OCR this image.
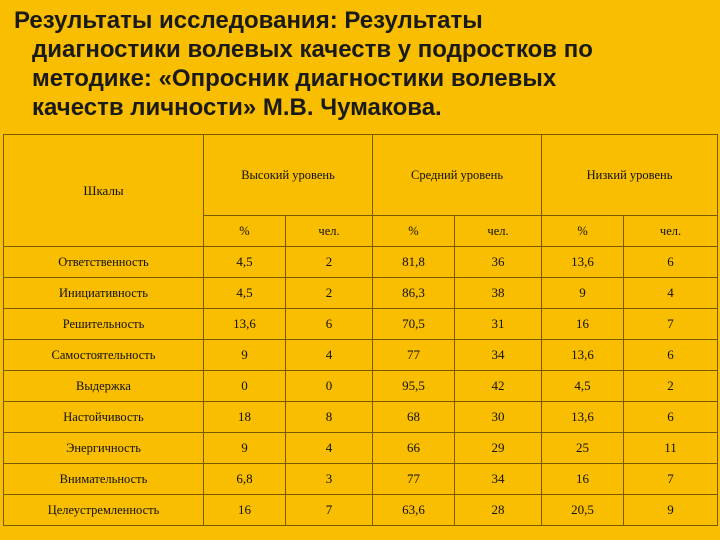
Результаты исследования: Результаты
диагностики волевых качеств у подростков по
методике: «Опросник диагностики волевых
качеств личности» М.В. Чумакова.
Шкалы	Высокий уровень		Средний уровень		Низкий уровень	
	%	чел.	%	чел.	%	чел.
Ответственность	4,5	2	81,8	36	13,6	6
Инициативность	4,5	2	86,3	38	9	4
Решительность	13,6	6	70,5	31	16	7
Самостоятельность	9	4	77	34	13,6	6
Выдержка	0	0	95,5	42	4,5	2
Настойчивость	18	8	68	30	13,6	6
Энергичность	9	4	66	29	25	11
Внимательность	6,8	3	77	34	16	7
Целеустремленность	16	7	63,6	28	20,5	9
